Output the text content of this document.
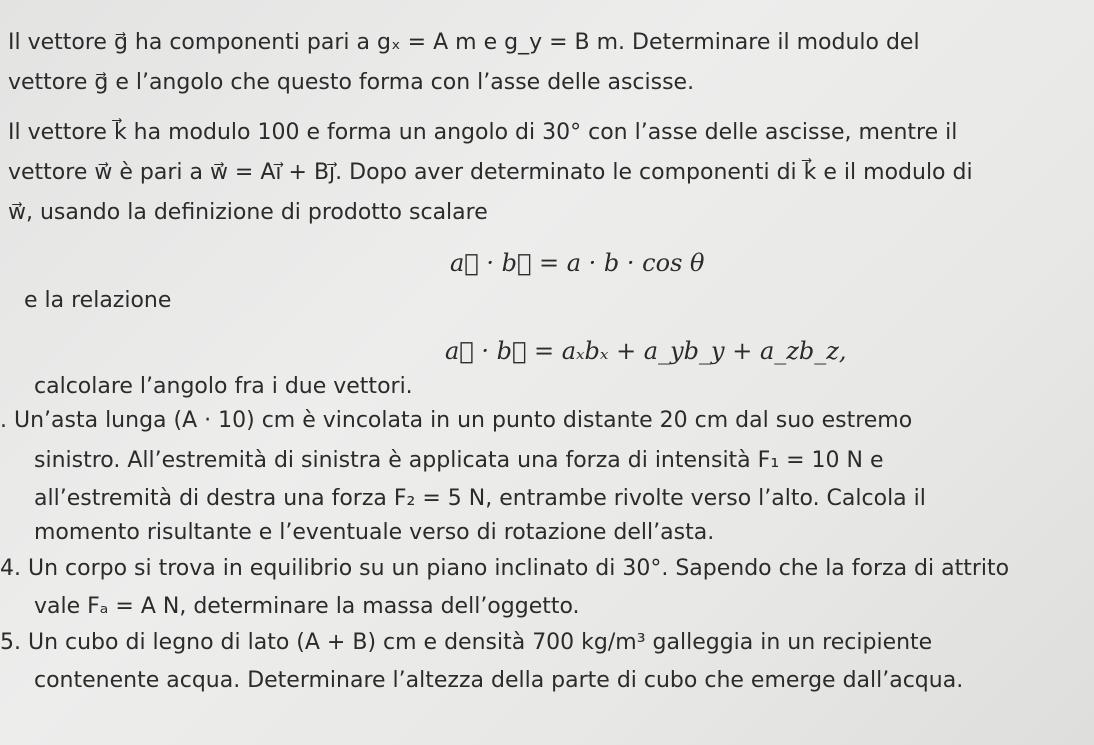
Il vettore g⃗ ha componenti pari a gₓ = A m e g_y = B m. Determinare il modulo del
vettore g⃗ e l’angolo che questo forma con l’asse delle ascisse.
Il vettore k⃗ ha modulo 100 e forma un angolo di 30° con l’asse delle ascisse, mentre il
vettore w⃗ è pari a w⃗ = Aı⃗ + Bȷ⃗. Dopo aver determinato le componenti di k⃗ e il modulo di
w⃗, usando la definizione di prodotto scalare
a⃗ · b⃗ = a · b · cos θ
e la relazione
a⃗ · b⃗ = aₓbₓ + a_yb_y + a_zb_z,
calcolare l’angolo fra i due vettori.
. Un’asta lunga (A · 10) cm è vincolata in un punto distante 20 cm dal suo estremo
sinistro. All’estremità di sinistra è applicata una forza di intensità F₁ = 10 N e
all’estremità di destra una forza F₂ = 5 N, entrambe rivolte verso l’alto. Calcola il
momento risultante e l’eventuale verso di rotazione dell’asta.
4. Un corpo si trova in equilibrio su un piano inclinato di 30°. Sapendo che la forza di attrito
vale Fₐ = A N, determinare la massa dell’oggetto.
5. Un cubo di legno di lato (A + B) cm e densità 700 kg/m³ galleggia in un recipiente
contenente acqua. Determinare l’altezza della parte di cubo che emerge dall’acqua.
